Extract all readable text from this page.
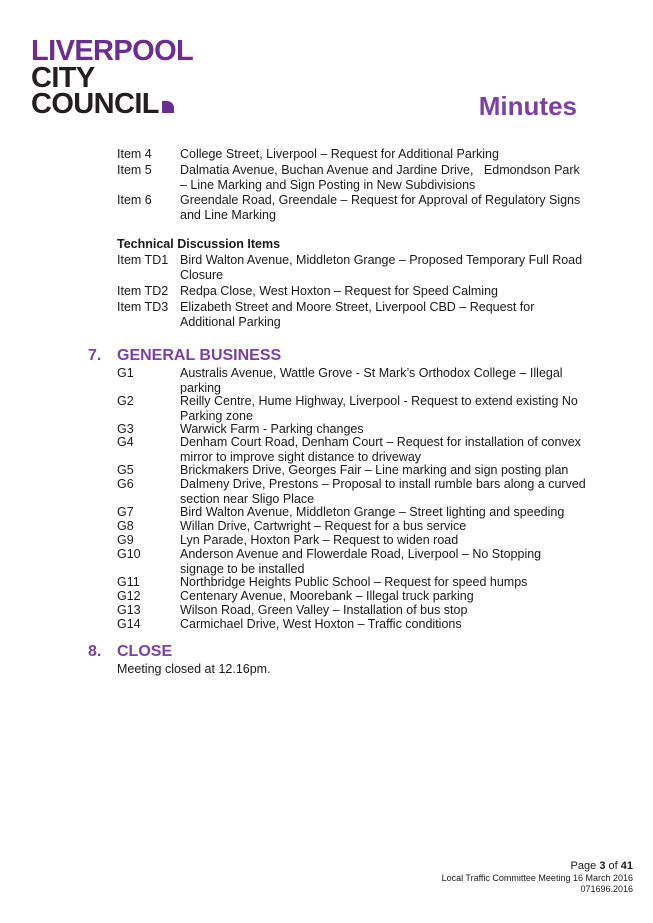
LIVERPOOL
CITY
COUNCIL	Minutes
Item 4 College Street, Liverpool – Request for Additional Parking
Item 5 Dalmatia Avenue, Buchan Avenue and Jardine Drive,   Edmondson Park – Line Marking and Sign Posting in New Subdivisions
Item 6 Greendale Road, Greendale – Request for Approval of Regulatory Signs and Line Marking
Technical Discussion Items
Item TD1 Bird Walton Avenue, Middleton Grange – Proposed Temporary Full Road Closure
Item TD2 Redpa Close, West Hoxton – Request for Speed Calming
Item TD3 Elizabeth Street and Moore Street, Liverpool CBD – Request for Additional Parking
7. GENERAL BUSINESS
G1	Australis Avenue, Wattle Grove - St Mark’s Orthodox College – Illegal parking
G2	Reilly Centre, Hume Highway, Liverpool - Request to extend existing No Parking zone
G3	Warwick Farm - Parking changes
G4	Denham Court Road, Denham Court – Request for installation of convex mirror to improve sight distance to driveway
G5	Brickmakers Drive, Georges Fair – Line marking and sign posting plan
G6	Dalmeny Drive, Prestons – Proposal to install rumble bars along a curved section near Sligo Place
G7	Bird Walton Avenue, Middleton Grange – Street lighting and speeding
G8	Willan Drive, Cartwright – Request for a bus service
G9	Lyn Parade, Hoxton Park – Request to widen road
G10	Anderson Avenue and Flowerdale Road, Liverpool – No Stopping signage to be installed
G11	Northbridge Heights Public School – Request for speed humps
G12	Centenary Avenue, Moorebank – Illegal truck parking
G13	Wilson Road, Green Valley – Installation of bus stop
G14	Carmichael Drive, West Hoxton – Traffic conditions
8. CLOSE
Meeting closed at 12.16pm.
Page 3 of 41
Local Traffic Committee Meeting 16 March 2016
071696.2016
